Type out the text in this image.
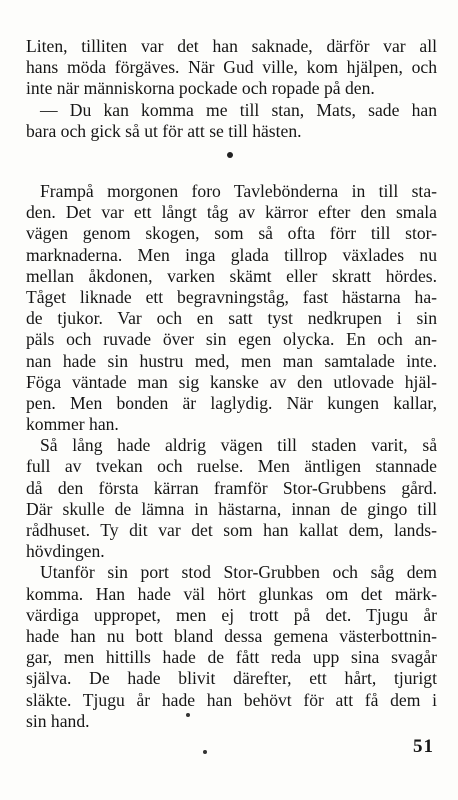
Liten, tilliten var det han saknade, därför var all
hans möda förgäves. När Gud ville, kom hjälpen, och
inte när människorna pockade och ropade på den.
— Du kan komma me till stan, Mats, sade han
bara och gick så ut för att se till hästen.
Frampå morgonen foro Tavlebönderna in till sta-
den. Det var ett långt tåg av kärror efter den smala
vägen genom skogen, som så ofta förr till stor-
marknaderna. Men inga glada tillrop växlades nu
mellan åkdonen, varken skämt eller skratt hördes.
Tåget liknade ett begravningståg, fast hästarna ha-
de tjukor. Var och en satt tyst nedkrupen i sin
päls och ruvade över sin egen olycka. En och an-
nan hade sin hustru med, men man samtalade inte.
Föga väntade man sig kanske av den utlovade hjäl-
pen. Men bonden är laglydig. När kungen kallar,
kommer han.
Så lång hade aldrig vägen till staden varit, så
full av tvekan och ruelse. Men äntligen stannade
då den första kärran framför Stor-Grubbens gård.
Där skulle de lämna in hästarna, innan de gingo till
rådhuset. Ty dit var det som han kallat dem, lands-
hövdingen.
Utanför sin port stod Stor-Grubben och såg dem
komma. Han hade väl hört glunkas om det märk-
värdiga uppropet, men ej trott på det. Tjugu år
hade han nu bott bland dessa gemena västerbottnin-
gar, men hittills hade de fått reda upp sina svagår
själva. De hade blivit därefter, ett hårt, tjurigt
släkte. Tjugu år hade han behövt för att få dem i
sin hand.
51
